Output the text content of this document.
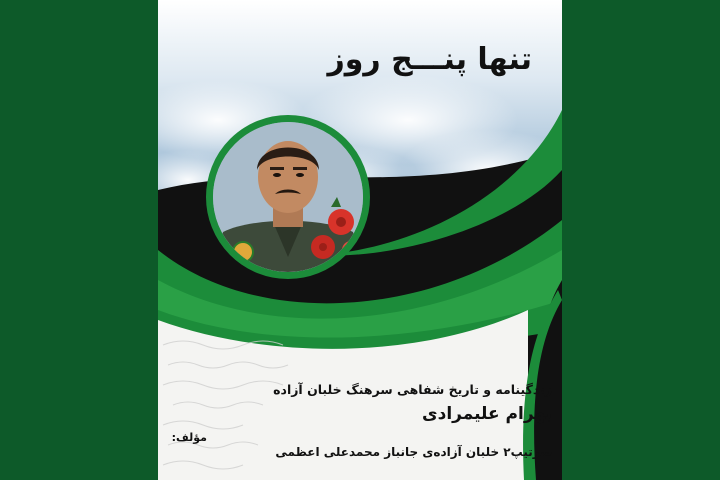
تنها پنـــج روز
زندگینامه و تاریخ شفاهی سرهنگ خلبان آزاده
بهرام علیمرادی
مؤلف:
سرتیپ۲ خلبان آزاده‌ی جانباز محمدعلی اعظمی
